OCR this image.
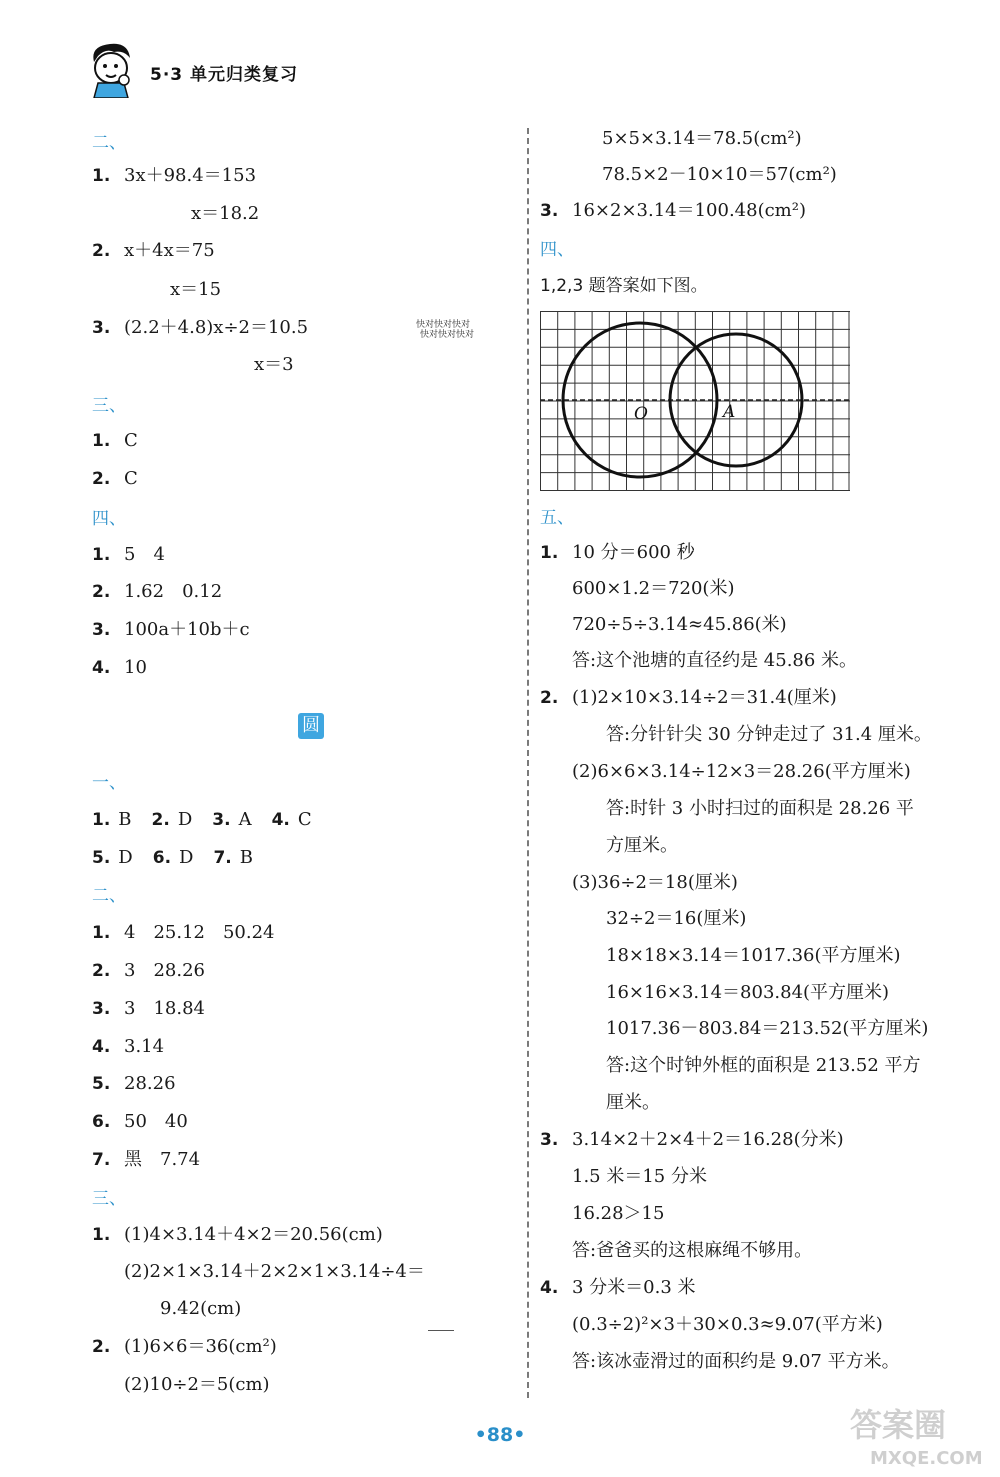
5·3 单元归类复习
二、
1. 3x＋98.4＝153
x＝18.2
2. x＋4x＝75
x＝15
3. (2.2＋4.8)x÷2＝10.5
x＝3
三、
1. C
2. C
四、
1. 5　4
2. 1.62　0.12
3. 100a＋10b＋c
4. 10
一、
1. B 2. D 3. A 4. C
5. D 6. D 7. B
二、
1. 4　25.12　50.24
2. 3　28.26
3. 3　18.84
4. 3.14
5. 28.26
6. 50　40
7. 黑　7.74
三、
1. (1)4×3.14＋4×2＝20.56(cm)
(2)2×1×3.14＋2×2×1×3.14÷4＝
9.42(cm)
2. (1)6×6＝36(cm²)
(2)10÷2＝5(cm)
快对快对快对
快对快对快对
圆
5×5×3.14＝78.5(cm²)
78.5×2－10×10＝57(cm²)
3. 16×2×3.14＝100.48(cm²)
四、
1,2,3 题答案如下图。
五、
1. 10 分＝600 秒
600×1.2＝720(米)
720÷5÷3.14≈45.86(米)
答:这个池塘的直径约是 45.86 米。
2. (1)2×10×3.14÷2＝31.4(厘米)
答:分针针尖 30 分钟走过了 31.4 厘米。
(2)6×6×3.14÷12×3＝28.26(平方厘米)
答:时针 3 小时扫过的面积是 28.26 平
方厘米。
(3)36÷2＝18(厘米)
32÷2＝16(厘米)
18×18×3.14＝1017.36(平方厘米)
16×16×3.14＝803.84(平方厘米)
1017.36－803.84＝213.52(平方厘米)
答:这个时钟外框的面积是 213.52 平方
厘米。
3. 3.14×2＋2×4＋2＝16.28(分米)
1.5 米＝15 分米
16.28＞15
答:爸爸买的这根麻绳不够用。
4. 3 分米＝0.3 米
(0.3÷2)²×3＋30×0.3≈9.07(平方米)
答:该冰壶滑过的面积约是 9.07 平方米。
O	A
•88•	答案圈
MXQE.COM
